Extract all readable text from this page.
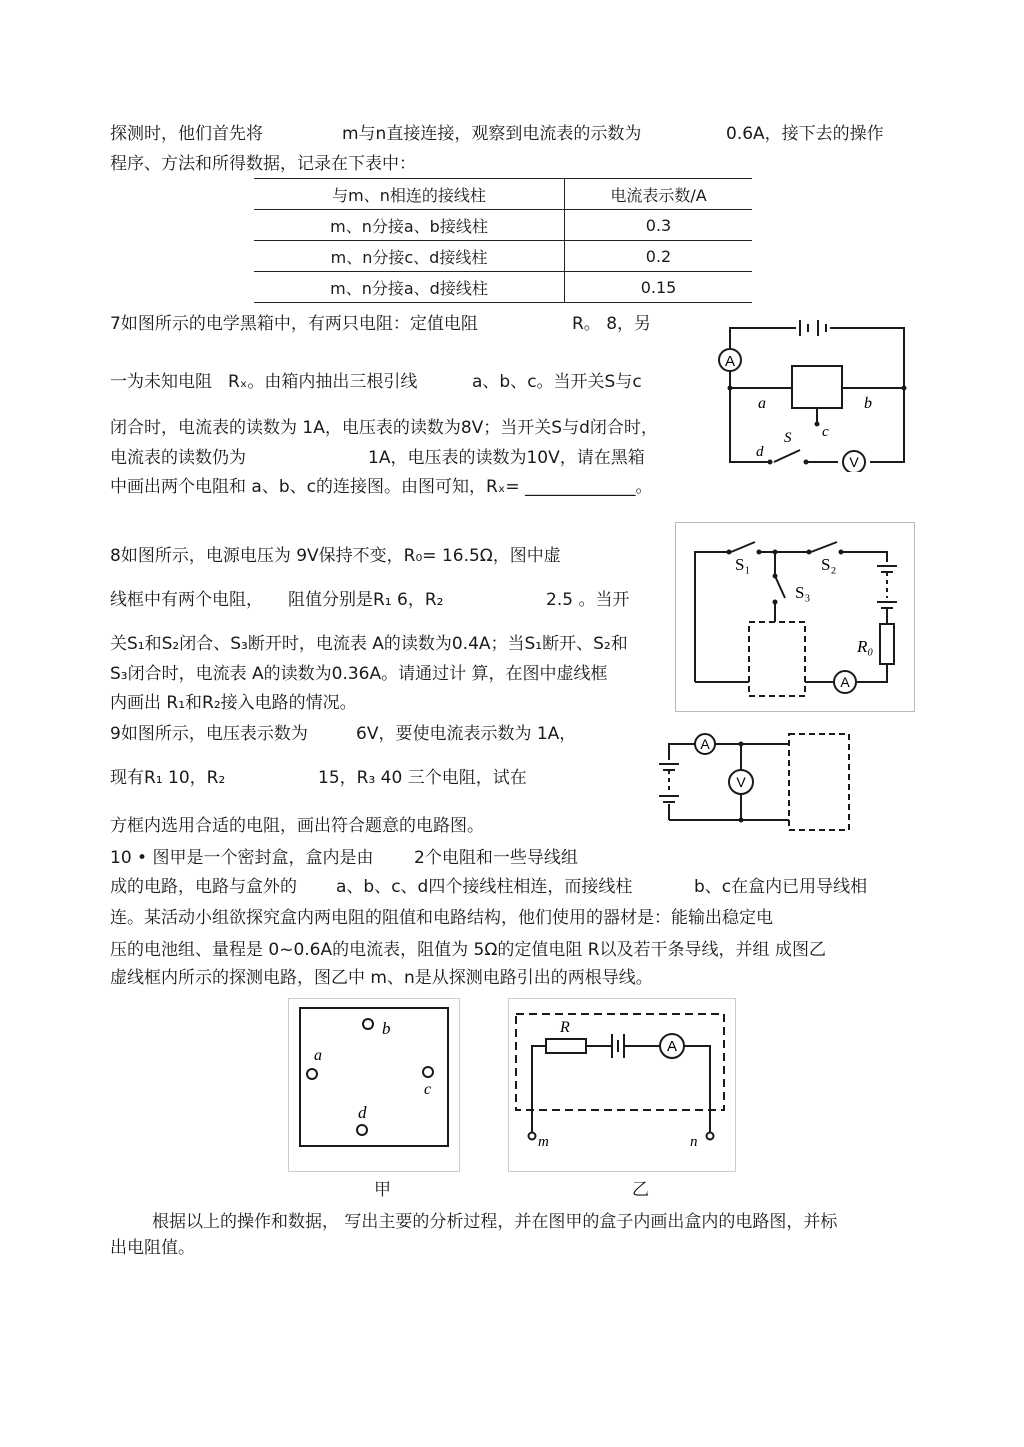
探测时，他们首先将	m与n直接连接，观察到电流表的示数为	0.6A，接下去的操作
程序、方法和所得数据，记录在下表中：
与m、n相连的接线柱	电流表示数/A
m、n分接a、b接线柱	0.3
m、n分接c、d接线柱	0.2
m、n分接a、d接线柱	0.15
7如图所示的电学黑箱中，有两只电阻：定值电阻	R。 8，另
一为未知电阻 Rₓ。由箱内抽出三根引线	a、b、c。当开关S与c
闭合时，电流表的读数为 1A，电压表的读数为8V；当开关S与d闭合时，
电流表的读数仍为	1A，电压表的读数为10V，请在黑箱
中画出两个电阻和 a、b、c的连接图。由图可知，Rₓ= _____________。
A
V
a	b
c
d
S
8如图所示，电源电压为 9V保持不变，R₀= 16.5Ω，图中虚
线框中有两个电阻， 阻值分别是R₁ 6，R₂	2.5 。当开
关S₁和S₂闭合、S₃断开时，电流表 A的读数为0.4A；当S₁断开、S₂和
S₃闭合时，电流表 A的读数为0.36A。请通过计 算，在图中虚线框
内画出 R₁和R₂接入电路的情况。
S₁	S₂
S₃
R₀
A
9如图所示，电压表示数为	6V，要使电流表示数为 1A，
现有R₁ 10，R₂	15，R₃ 40 三个电阻，试在
方框内选用合适的电阻，画出符合题意的电路图。
A
V
10 • 图甲是一个密封盒，盒内是由 2个电阻和一些导线组
成的电路，电路与盒外的 a、b、c、d四个接线柱相连，而接线柱	b、c在盒内已用导线相
连。某活动小组欲探究盒内两电阻的阻值和电路结构，他们使用的器材是：能输出稳定电
压的电池组、量程是 0~0.6A的电流表，阻值为 5Ω的定值电阻 R以及若干条导线，并组 成图乙
虚线框内所示的探测电路，图乙中 m、n是从探测电路引出的两根导线。
b
a
c
d
R
A
m	n
甲	乙
根据以上的操作和数据， 写出主要的分析过程，并在图甲的盒子内画出盒内的电路图，并标
出电阻值。
